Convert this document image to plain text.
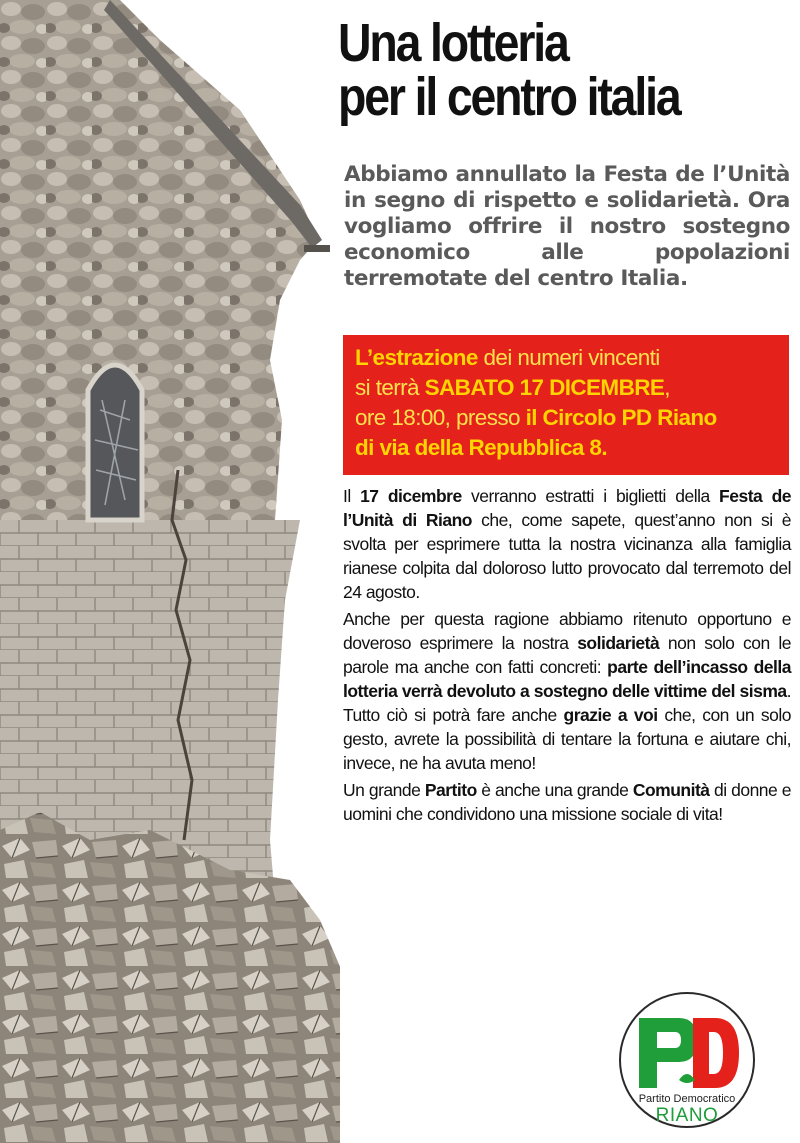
Una lotteria
per il centro italia
Abbiamo annullato la Festa de l’Unità in segno di rispetto e solidarietà. Ora vogliamo offrire il nostro sostegno economico alle popolazioni terremotate del centro Italia.

L’estrazione dei numeri vincenti

si terrà SABATO 17 DICEMBRE,

ore 18:00, presso il Circolo PD Riano

di via della Repubblica 8.

Il 17 dicembre verranno estratti i biglietti della Festa de l’Unità di Riano che, come sapete, quest’anno non si è svolta per esprimere tutta la nostra vicinanza alla famiglia rianese colpita dal doloroso lutto provocato dal terremoto del 24 agosto.

Anche per questa ragione abbiamo ritenuto opportuno e doveroso esprimere la nostra solidarietà non solo con le parole ma anche con fatti concreti: parte dell’incasso della lotteria verrà devoluto a sostegno delle vittime del sisma. Tutto ciò si potrà fare anche grazie a voi che, con un solo gesto, avrete la possibilità di tentare la fortuna e aiutare chi, invece, ne ha avuta meno!

Un grande Partito è anche una grande Comunità di donne e uomini che condividono una missione sociale di vita!

Partito Democratico
RIANO
